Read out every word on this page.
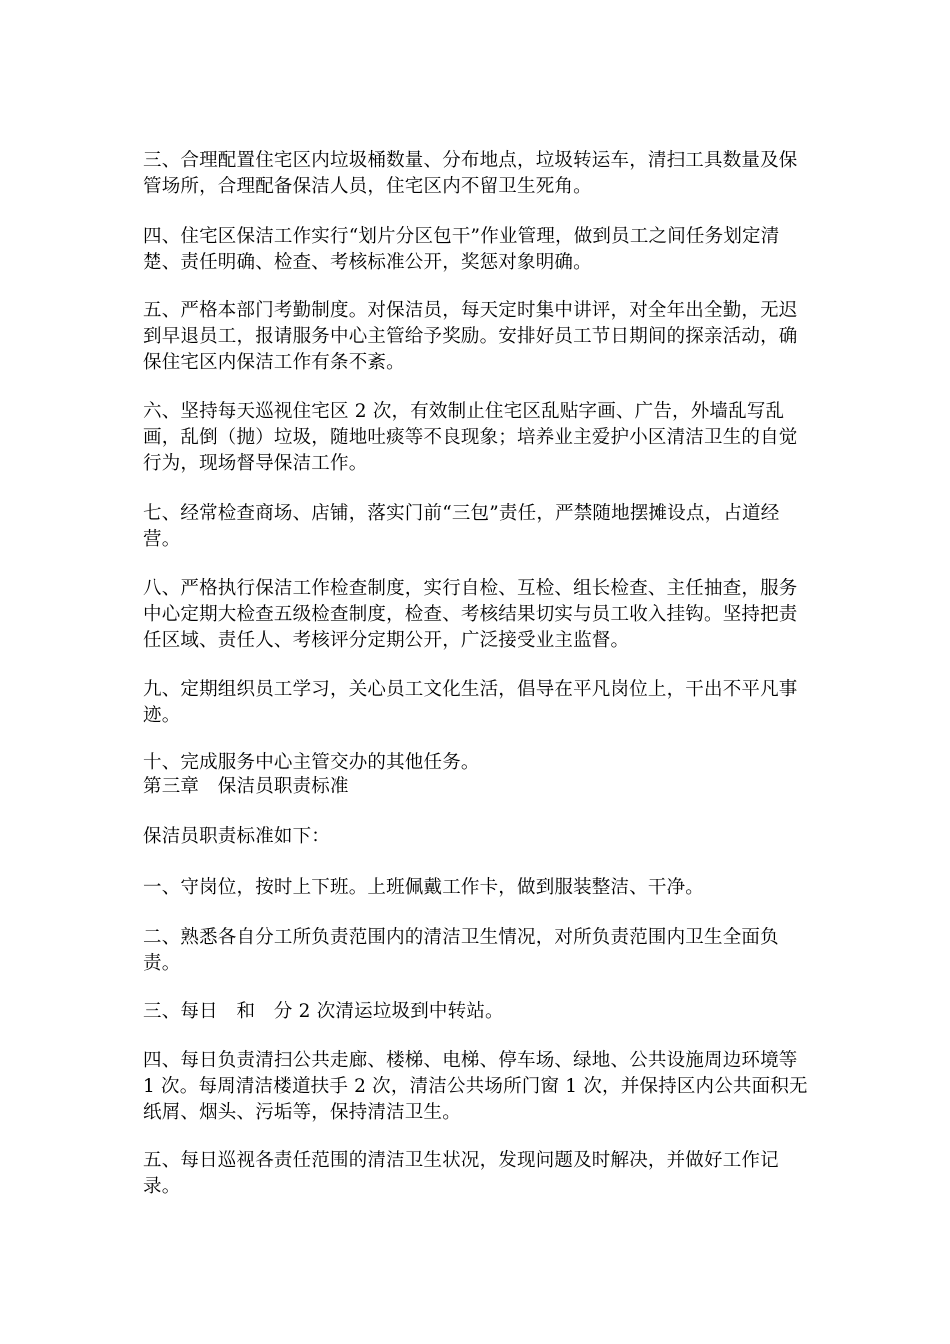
三、合理配置住宅区内垃圾桶数量、分布地点，垃圾转运车，清扫工具数量及保管场所，合理配备保洁人员，住宅区内不留卫生死角。

四、住宅区保洁工作实行“划片分区包干”作业管理，做到员工之间任务划定清楚、责任明确、检查、考核标准公开，奖惩对象明确。

五、严格本部门考勤制度。对保洁员，每天定时集中讲评，对全年出全勤，无迟到早退员工，报请服务中心主管给予奖励。安排好员工节日期间的探亲活动，确保住宅区内保洁工作有条不紊。

六、坚持每天巡视住宅区 2 次，有效制止住宅区乱贴字画、广告，外墙乱写乱画，乱倒（抛）垃圾，随地吐痰等不良现象；培养业主爱护小区清洁卫生的自觉行为，现场督导保洁工作。

七、经常检查商场、店铺，落实门前“三包”责任，严禁随地摆摊设点，占道经营。

八、严格执行保洁工作检查制度，实行自检、互检、组长检查、主任抽查，服务中心定期大检查五级检查制度，检查、考核结果切实与员工收入挂钩。坚持把责任区域、责任人、考核评分定期公开，广泛接受业主监督。

九、定期组织员工学习，关心员工文化生活，倡导在平凡岗位上，干出不平凡事迹。

十、完成服务中心主管交办的其他任务。

第三章　保洁员职责标准

保洁员职责标准如下：

一、守岗位，按时上下班。上班佩戴工作卡，做到服装整洁、干净。

二、熟悉各自分工所负责范围内的清洁卫生情况，对所负责范围内卫生全面负责。

三、每日　和　分 2 次清运垃圾到中转站。

四、每日负责清扫公共走廊、楼梯、电梯、停车场、绿地、公共设施周边环境等 1 次。每周清洁楼道扶手 2 次，清洁公共场所门窗 1 次，并保持区内公共面积无纸屑、烟头、污垢等，保持清洁卫生。

五、每日巡视各责任范围的清洁卫生状况，发现问题及时解决，并做好工作记录。
